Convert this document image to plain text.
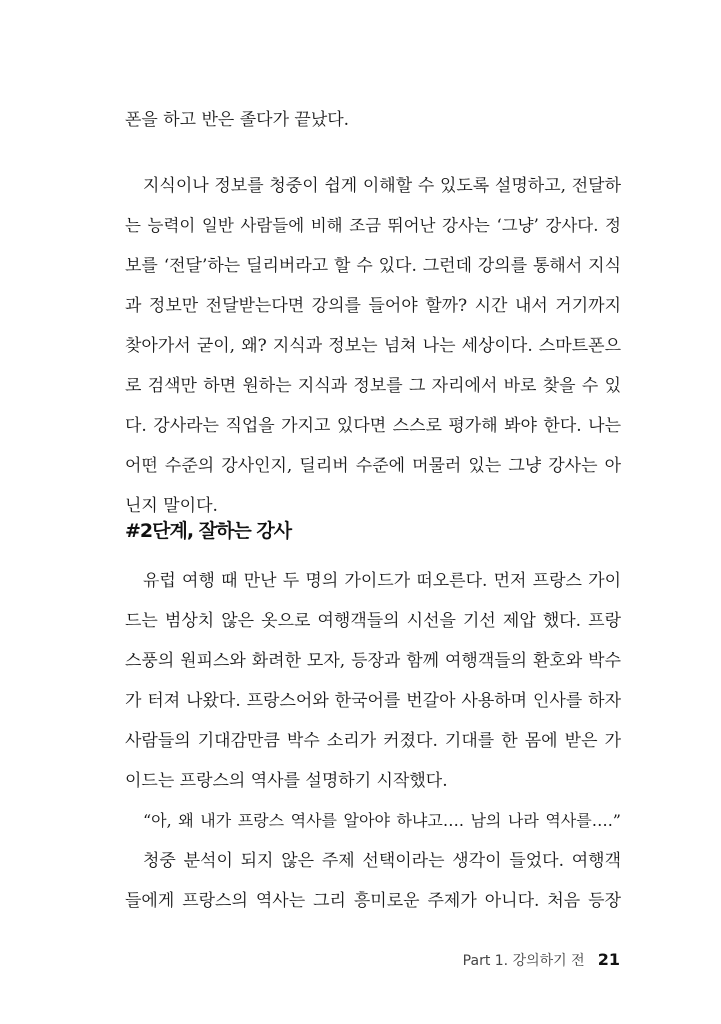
폰을 하고 반은 졸다가 끝났다.
지식이나 정보를 청중이 쉽게 이해할 수 있도록 설명하고, 전달하
는 능력이 일반 사람들에 비해 조금 뛰어난 강사는 ‘그냥’ 강사다. 정
보를 ‘전달’하는 딜리버라고 할 수 있다. 그런데 강의를 통해서 지식
과 정보만 전달받는다면 강의를 들어야 할까? 시간 내서 거기까지
찾아가서 굳이, 왜? 지식과 정보는 넘쳐 나는 세상이다. 스마트폰으
로 검색만 하면 원하는 지식과 정보를 그 자리에서 바로 찾을 수 있
다. 강사라는 직업을 가지고 있다면 스스로 평가해 봐야 한다. 나는
어떤 수준의 강사인지, 딜리버 수준에 머물러 있는 그냥 강사는 아
닌지 말이다.
#2단계, 잘하는 강사
유럽 여행 때 만난 두 명의 가이드가 떠오른다. 먼저 프랑스 가이
드는 범상치 않은 옷으로 여행객들의 시선을 기선 제압 했다. 프랑
스풍의 원피스와 화려한 모자, 등장과 함께 여행객들의 환호와 박수
가 터져 나왔다. 프랑스어와 한국어를 번갈아 사용하며 인사를 하자
사람들의 기대감만큼 박수 소리가 커졌다. 기대를 한 몸에 받은 가
이드는 프랑스의 역사를 설명하기 시작했다.
“아, 왜 내가 프랑스 역사를 알아야 하냐고…. 남의 나라 역사를….”
청중 분석이 되지 않은 주제 선택이라는 생각이 들었다. 여행객
들에게 프랑스의 역사는 그리 흥미로운 주제가 아니다. 처음 등장
Part 1. 강의하기 전 21
